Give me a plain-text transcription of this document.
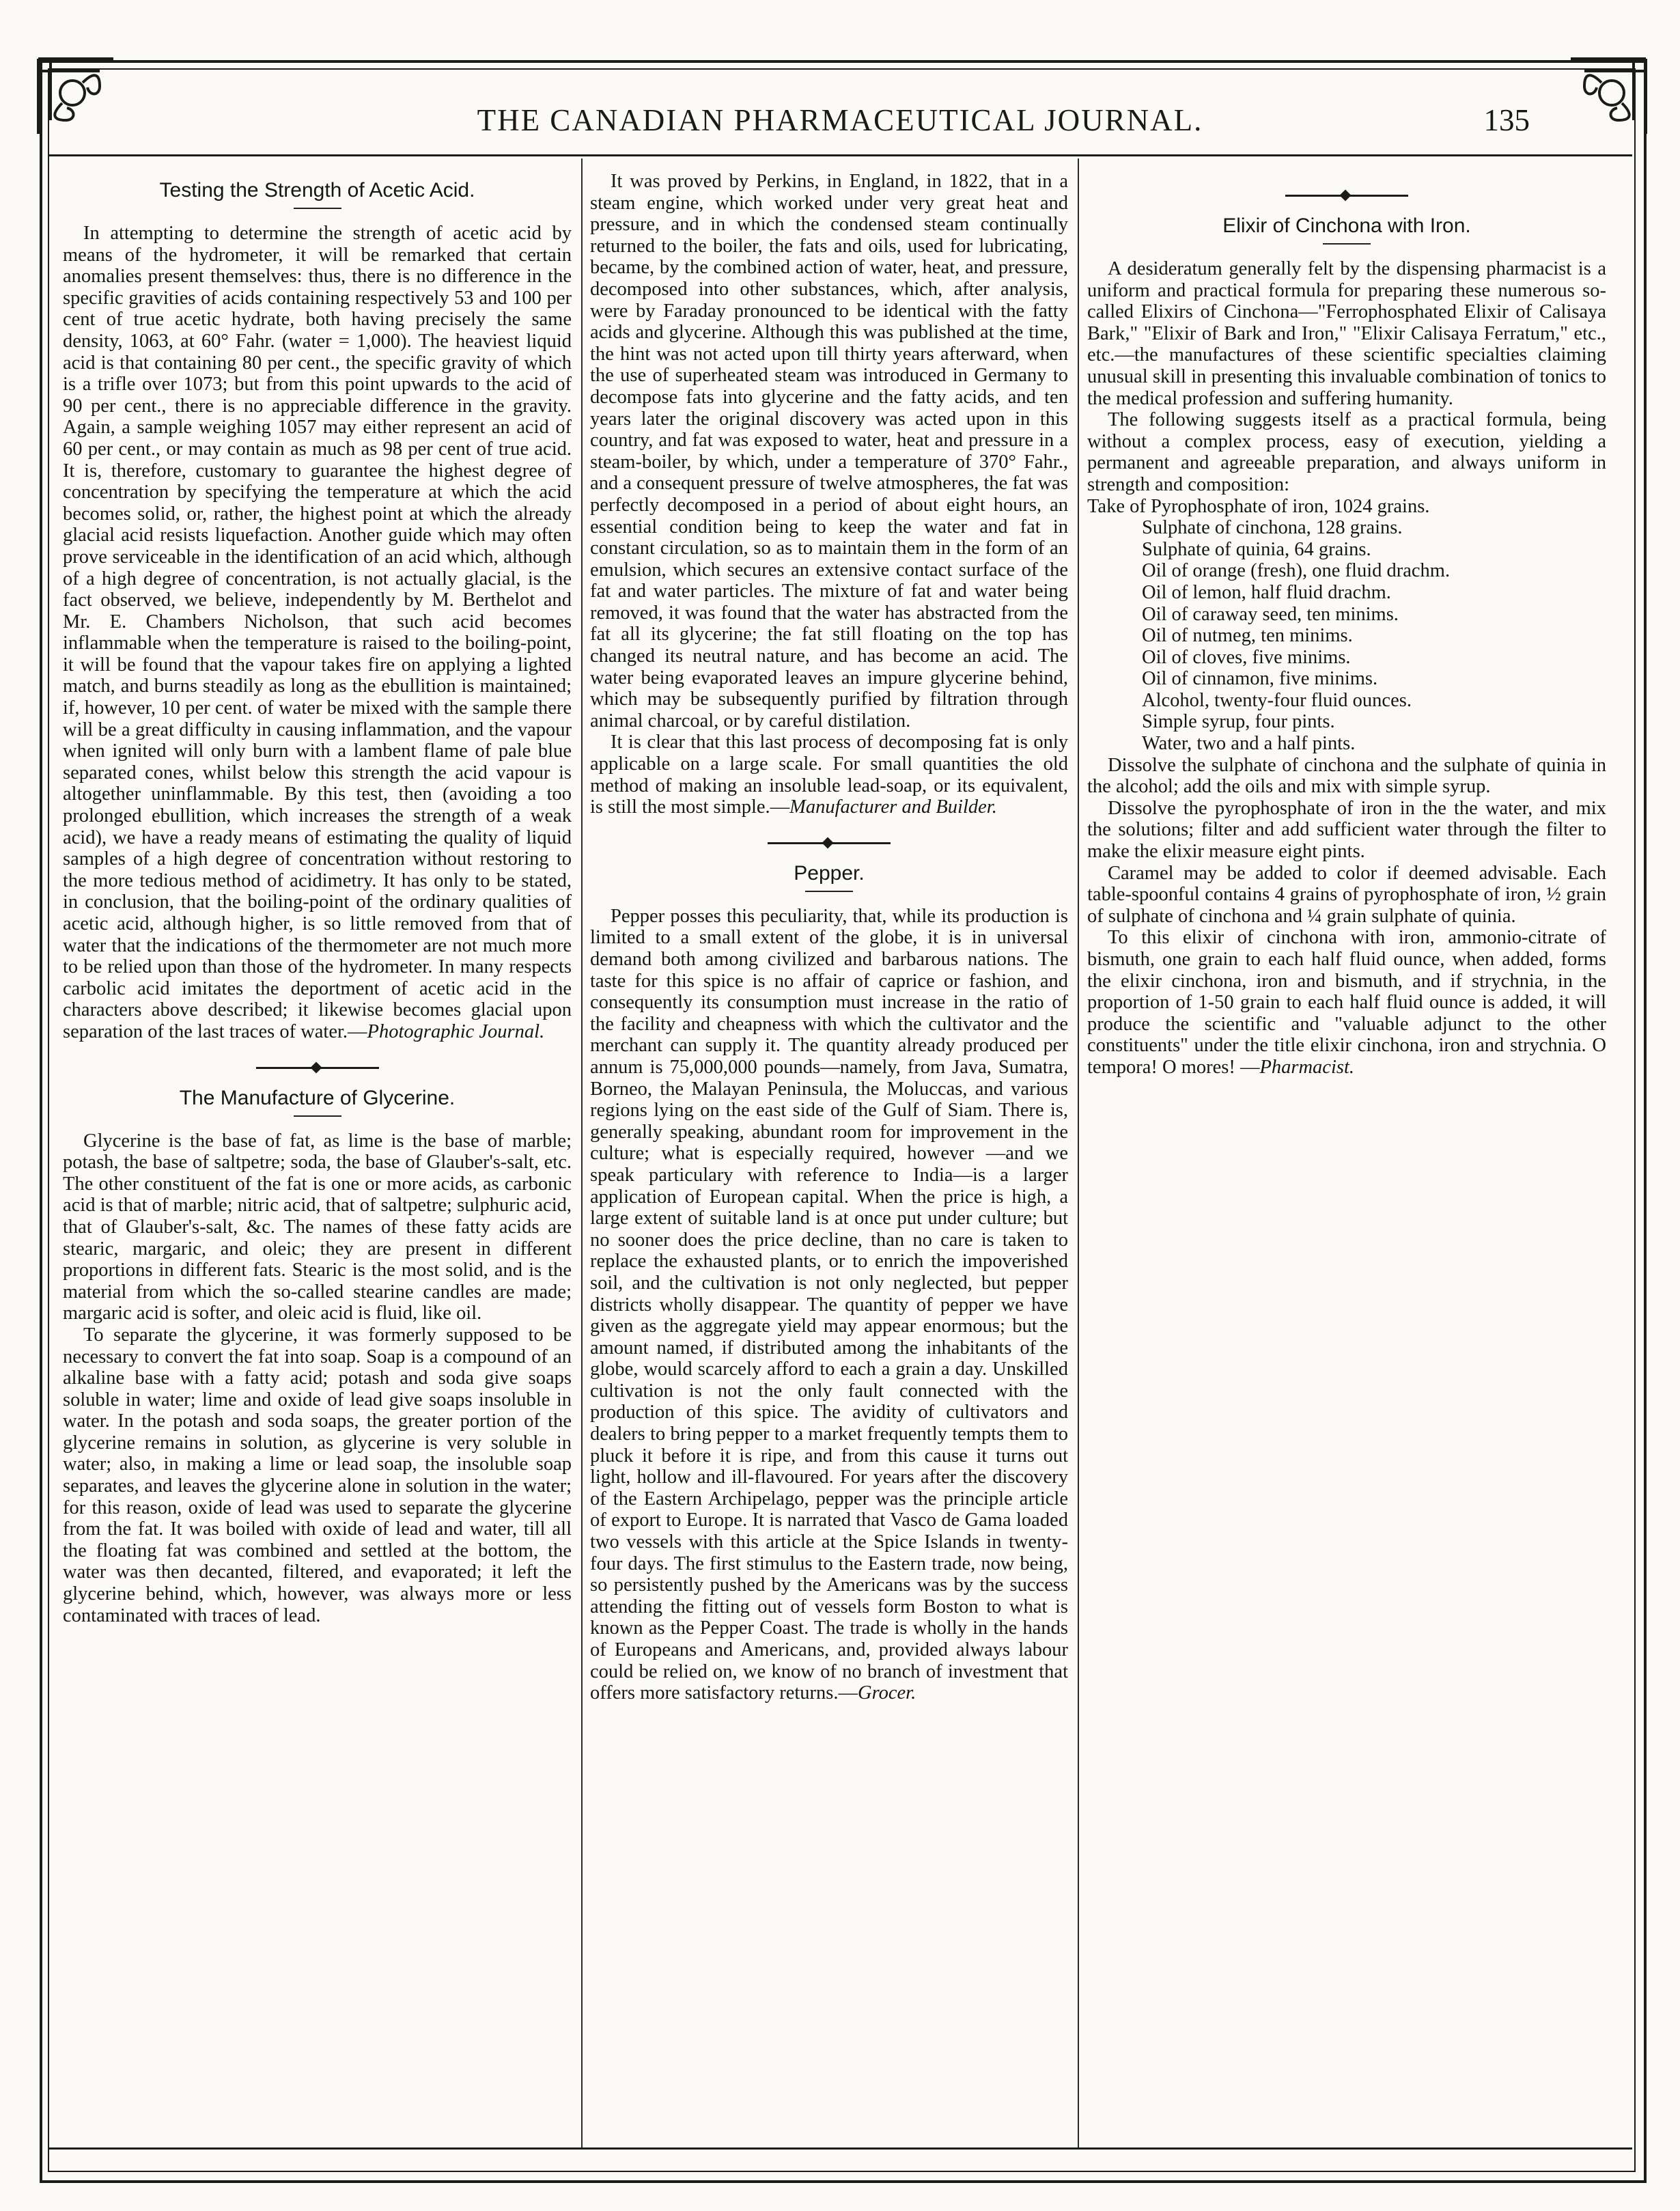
THE CANADIAN PHARMACEUTICAL JOURNAL.	135
Testing the Strength of Acetic Acid.

In attempting to determine the strength of acetic acid by means of the hydrometer, it will be remarked that certain anomalies present themselves: thus, there is no difference in the specific gravities of acids containing respectively 53 and 100 per cent of true acetic hydrate, both having precisely the same density, 1063, at 60° Fahr. (water = 1,000). The heaviest liquid acid is that containing 80 per cent., the specific gravity of which is a trifle over 1073; but from this point upwards to the acid of 90 per cent., there is no appreciable difference in the gravity. Again, a sample weighing 1057 may either represent an acid of 60 per cent., or may contain as much as 98 per cent of true acid. It is, therefore, customary to guarantee the highest degree of concentration by specifying the temperature at which the acid becomes solid, or, rather, the highest point at which the already glacial acid resists liquefaction. Another guide which may often prove serviceable in the identification of an acid which, although of a high degree of concentration, is not actually glacial, is the fact observed, we believe, independently by M. Berthelot and Mr. E. Chambers Nicholson, that such acid becomes inflammable when the temperature is raised to the boiling-point, it will be found that the vapour takes fire on applying a lighted match, and burns steadily as long as the ebullition is maintained; if, however, 10 per cent. of water be mixed with the sample there will be a great difficulty in causing inflammation, and the vapour when ignited will only burn with a lambent flame of pale blue separated cones, whilst below this strength the acid vapour is altogether uninflammable. By this test, then (avoiding a too prolonged ebullition, which increases the strength of a weak acid), we have a ready means of estimating the quality of liquid samples of a high degree of concentration without restoring to the more tedious method of acidimetry. It has only to be stated, in conclusion, that the boiling-point of the ordinary qualities of acetic acid, although higher, is so little removed from that of water that the indications of the thermometer are not much more to be relied upon than those of the hydrometer. In many respects carbolic acid imitates the deportment of acetic acid in the characters above described; it likewise becomes glacial upon separation of the last traces of water.—Photographic Journal.

The Manufacture of Glycerine.

Glycerine is the base of fat, as lime is the base of marble; potash, the base of saltpetre; soda, the base of Glauber's-salt, etc. The other constituent of the fat is one or more acids, as carbonic acid is that of marble; nitric acid, that of saltpetre; sulphuric acid, that of Glauber's-salt, &c. The names of these fatty acids are stearic, margaric, and oleic; they are present in different proportions in different fats. Stearic is the most solid, and is the material from which the so-called stearine candles are made; margaric acid is softer, and oleic acid is fluid, like oil.

To separate the glycerine, it was formerly supposed to be necessary to convert the fat into soap. Soap is a compound of an alkaline base with a fatty acid; potash and soda give soaps soluble in water; lime and oxide of lead give soaps insoluble in water. In the potash and soda soaps, the greater portion of the glycerine remains in solution, as glycerine is very soluble in water; also, in making a lime or lead soap, the insoluble soap separates, and leaves the glycerine alone in solution in the water; for this reason, oxide of lead was used to separate the glycerine from the fat. It was boiled with oxide of lead and water, till all the floating fat was combined and settled at the bottom, the water was then decanted, filtered, and evaporated; it left the glycerine behind, which, however, was always more or less contaminated with traces of lead.

It was proved by Perkins, in England, in 1822, that in a steam engine, which worked under very great heat and pressure, and in which the condensed steam continually returned to the boiler, the fats and oils, used for lubricating, became, by the combined action of water, heat, and pressure, decomposed into other substances, which, after analysis, were by Faraday pronounced to be identical with the fatty acids and glycerine. Although this was published at the time, the hint was not acted upon till thirty years afterward, when the use of superheated steam was introduced in Germany to decompose fats into glycerine and the fatty acids, and ten years later the original discovery was acted upon in this country, and fat was exposed to water, heat and pressure in a steam-boiler, by which, under a temperature of 370° Fahr., and a consequent pressure of twelve atmospheres, the fat was perfectly decomposed in a period of about eight hours, an essential condition being to keep the water and fat in constant circulation, so as to maintain them in the form of an emulsion, which secures an extensive contact surface of the fat and water particles. The mixture of fat and water being removed, it was found that the water has abstracted from the fat all its glycerine; the fat still floating on the top has changed its neutral nature, and has become an acid. The water being evaporated leaves an impure glycerine behind, which may be subsequently purified by filtration through animal charcoal, or by careful distilation.

It is clear that this last process of decomposing fat is only applicable on a large scale. For small quantities the old method of making an insoluble lead-soap, or its equivalent, is still the most simple.—Manufacturer and Builder.

Pepper.

Pepper posses this peculiarity, that, while its production is limited to a small extent of the globe, it is in universal demand both among civilized and barbarous nations. The taste for this spice is no affair of caprice or fashion, and consequently its consumption must increase in the ratio of the facility and cheapness with which the cultivator and the merchant can supply it. The quantity already produced per annum is 75,000,000 pounds—namely, from Java, Sumatra, Borneo, the Malayan Peninsula, the Moluccas, and various regions lying on the east side of the Gulf of Siam. There is, generally speaking, abundant room for improvement in the culture; what is especially required, however —and we speak particulary with reference to India—is a larger application of European capital. When the price is high, a large extent of suitable land is at once put under culture; but no sooner does the price decline, than no care is taken to replace the exhausted plants, or to enrich the impoverished soil, and the cultivation is not only neglected, but pepper districts wholly disappear. The quantity of pepper we have given as the aggregate yield may appear enormous; but the amount named, if distributed among the inhabitants of the globe, would scarcely afford to each a grain a day. Unskilled cultivation is not the only fault connected with the production of this spice. The avidity of cultivators and dealers to bring pepper to a market frequently tempts them to pluck it before it is ripe, and from this cause it turns out light, hollow and ill-flavoured. For years after the discovery of the Eastern Archipelago, pepper was the principle article of export to Europe. It is narrated that Vasco de Gama loaded two vessels with this article at the Spice Islands in twenty-four days. The first stimulus to the Eastern trade, now being, so persistently pushed by the Americans was by the success attending the fitting out of vessels form Boston to what is known as the Pepper Coast. The trade is wholly in the hands of Europeans and Americans, and, provided always labour could be relied on, we know of no branch of investment that offers more satisfactory returns.—Grocer.

Elixir of Cinchona with Iron.

A desideratum generally felt by the dispensing pharmacist is a uniform and practical formula for preparing these numerous so-called Elixirs of Cinchona—"Ferrophosphated Elixir of Calisaya Bark," "Elixir of Bark and Iron," "Elixir Calisaya Ferratum," etc., etc.—the manufactures of these scientific specialties claiming unusual skill in presenting this invaluable combination of tonics to the medical profession and suffering humanity.

The following suggests itself as a practical formula, being without a complex process, easy of execution, yielding a permanent and agreeable preparation, and always uniform in strength and composition:

Take of Pyrophosphate of iron, 1024 grains.
Sulphate of cinchona, 128 grains.
Sulphate of quinia, 64 grains.
Oil of orange (fresh), one fluid drachm.
Oil of lemon, half fluid drachm.
Oil of caraway seed, ten minims.
Oil of nutmeg, ten minims.
Oil of cloves, five minims.
Oil of cinnamon, five minims.
Alcohol, twenty-four fluid ounces.
Simple syrup, four pints.
Water, two and a half pints.

Dissolve the sulphate of cinchona and the sulphate of quinia in the alcohol; add the oils and mix with simple syrup.

Dissolve the pyrophosphate of iron in the the water, and mix the solutions; filter and add sufficient water through the filter to make the elixir measure eight pints.

Caramel may be added to color if deemed advisable. Each table-spoonful contains 4 grains of pyrophosphate of iron, ½ grain of sulphate of cinchona and ¼ grain sulphate of quinia.

To this elixir of cinchona with iron, ammonio-citrate of bismuth, one grain to each half fluid ounce, when added, forms the elixir cinchona, iron and bismuth, and if strychnia, in the proportion of 1-50 grain to each half fluid ounce is added, it will produce the scientific and "valuable adjunct to the other constituents" under the title elixir cinchona, iron and strychnia. O tempora! O mores! —Pharmacist.
